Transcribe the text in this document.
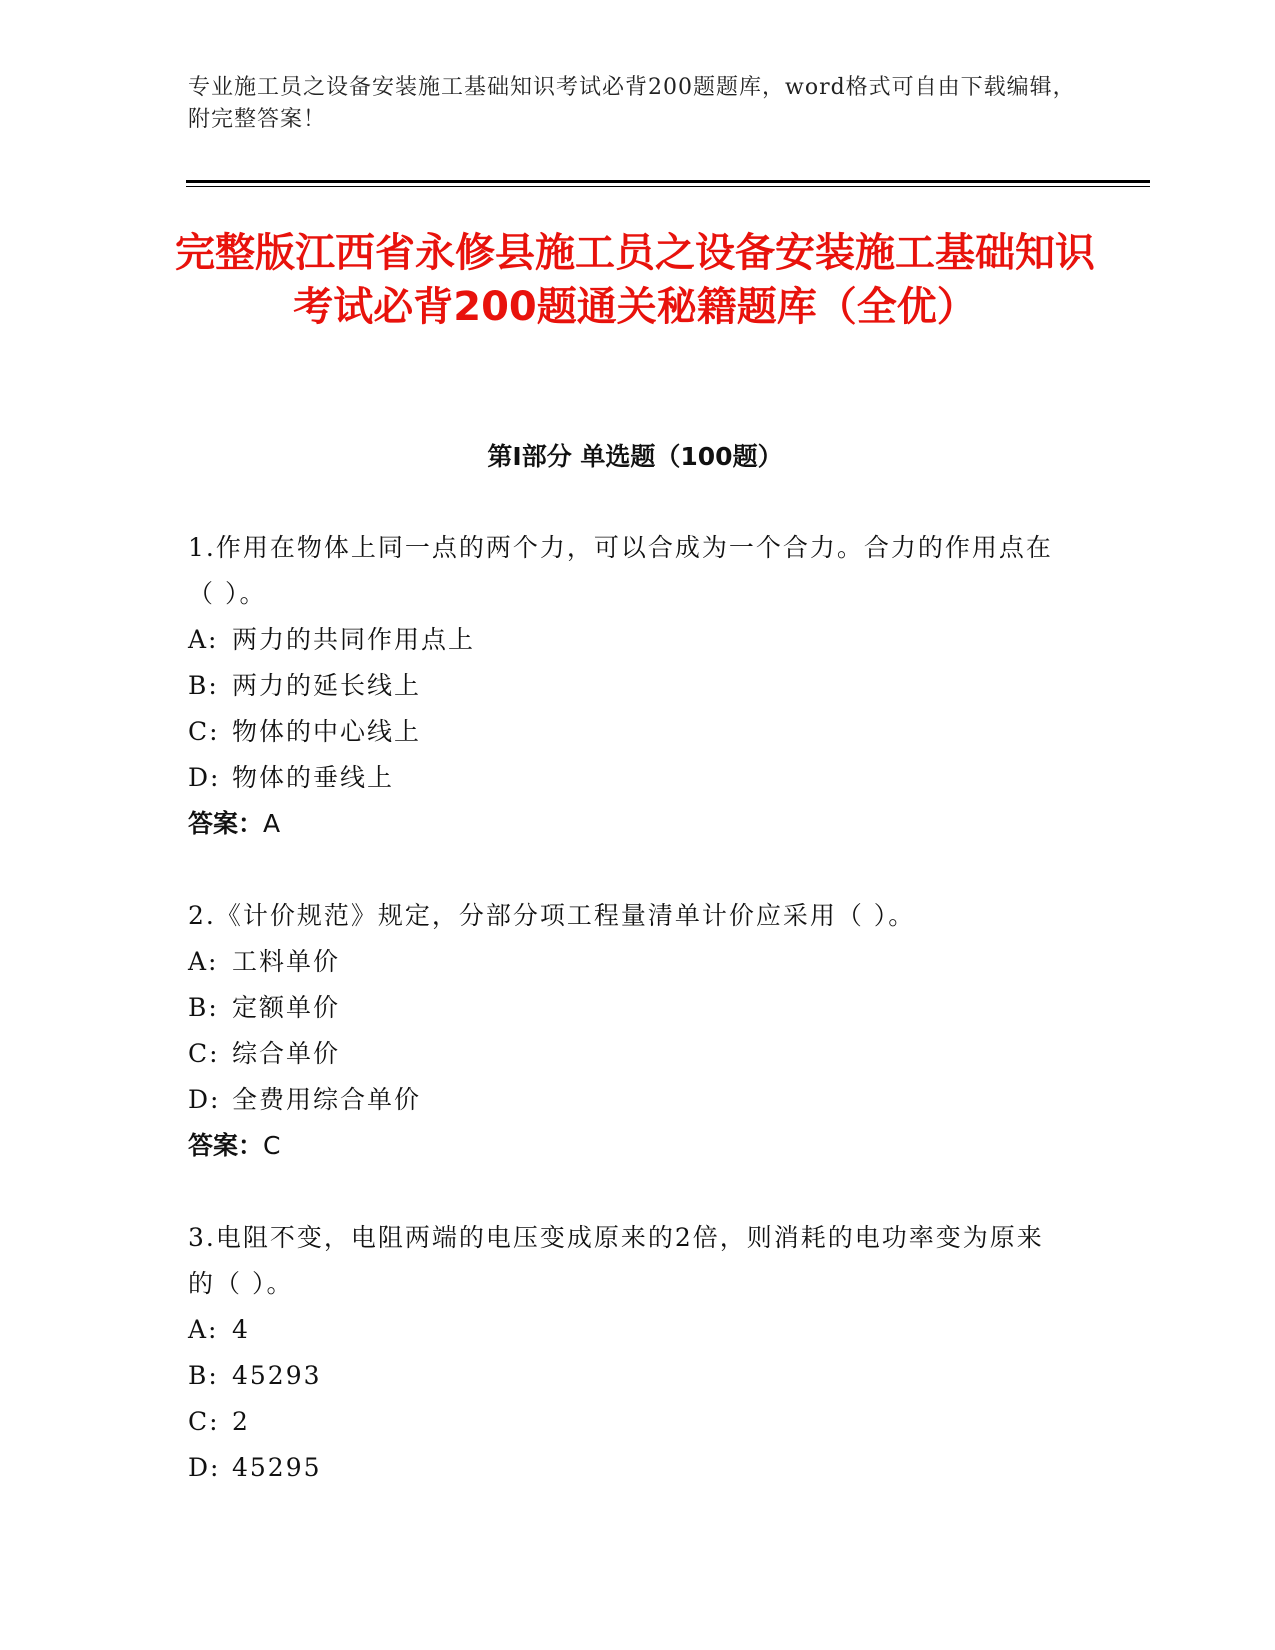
专业施工员之设备安装施工基础知识考试必背200题题库，word格式可自由下载编辑，附完整答案！
完整版江西省永修县施工员之设备安装施工基础知识考试必背200题通关秘籍题库（全优）
第I部分 单选题（100题）
1.作用在物体上同一点的两个力，可以合成为一个合力。合力的作用点在（ ）。
A: 两力的共同作用点上
B: 两力的延长线上
C: 物体的中心线上
D: 物体的垂线上
答案：A
2.《计价规范》规定，分部分项工程量清单计价应采用（ ）。
A: 工料单价
B: 定额单价
C: 综合单价
D: 全费用综合单价
答案：C
3.电阻不变，电阻两端的电压变成原来的2倍，则消耗的电功率变为原来的（ ）。
A: 4
B: 45293
C: 2
D: 45295
